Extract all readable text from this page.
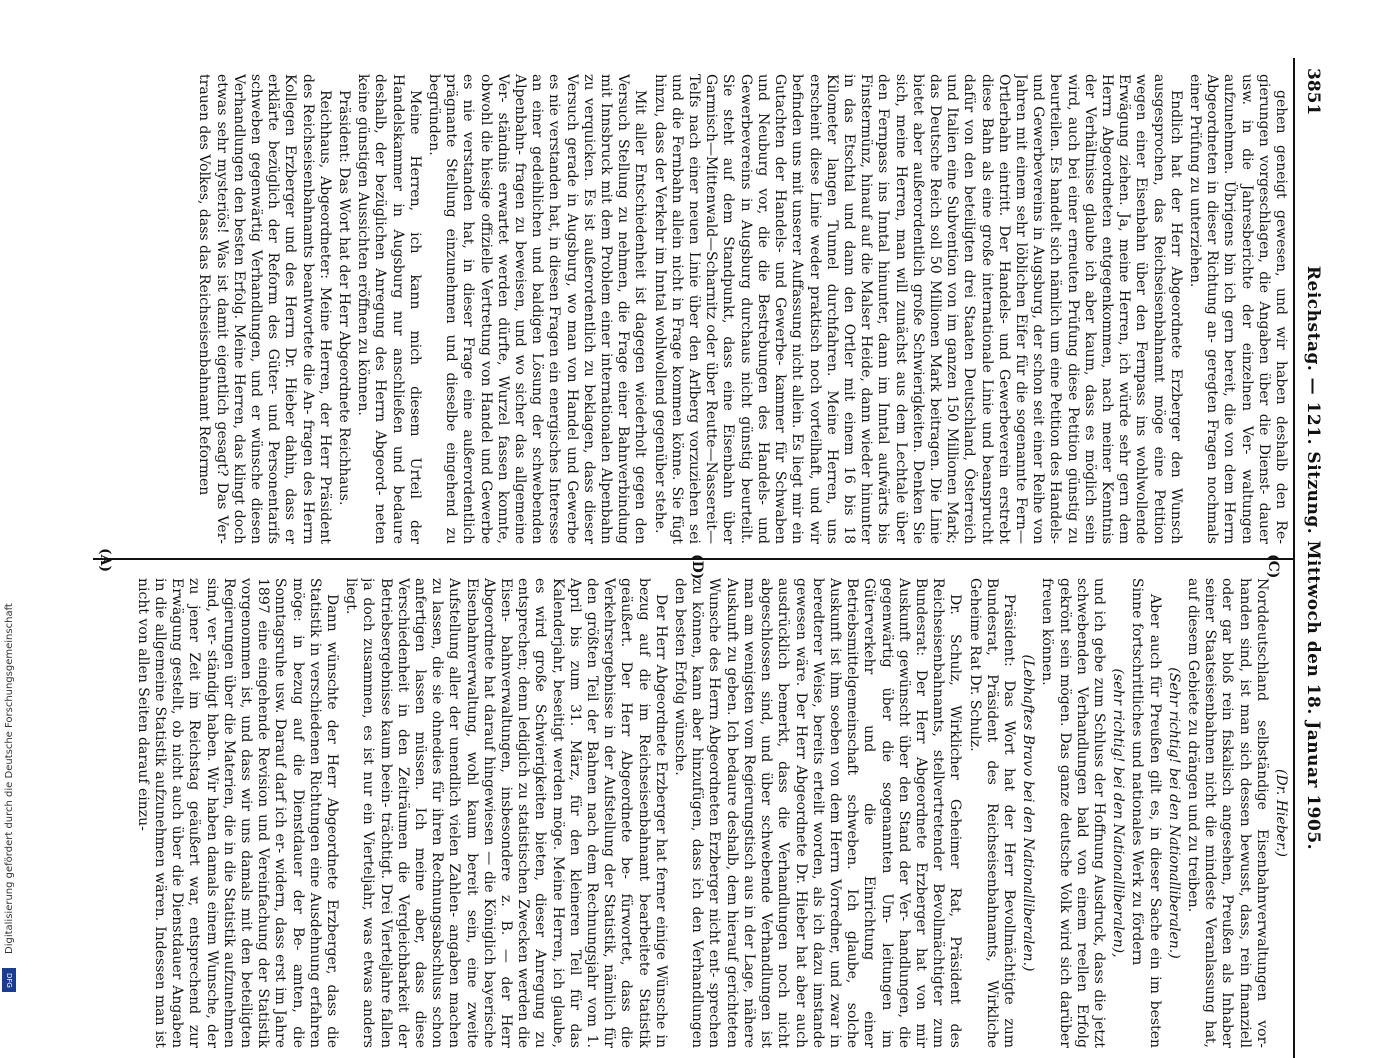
3851
Reichstag. — 121. Sitzung. Mittwoch den 18. Januar 1905.
(C)
(D)
(A)

gehen geneigt gewesen, und wir haben deshalb den Re- gierungen vorgeschlagen, die Angaben über die Dienst- dauer usw. in die Jahresberichte der einzelnen Ver- waltungen aufzunehmen. Übrigens bin ich gern bereit, die von dem Herrn Abgeordneten in dieser Richtung an- geregten Fragen nochmals einer Prüfung zu unterziehen.

Endlich hat der Herr Abgeordnete Erzberger den Wunsch ausgesprochen, das Reichseisenbahnamt möge eine Petition wegen einer Eisenbahn über den Fernpass ins wohlwollende Erwägung ziehen. Ja, meine Herren, ich würde sehr gern dem Herrn Abgeordneten entgegenkommen, nach meiner Kenntnis der Verhältnisse glaube ich aber kaum, dass es möglich sein wird, auch bei einer erneuten Prüfung diese Petition günstig zu beurteilen. Es handelt sich nämlich um eine Petition des Handels- und Gewerbevereins in Augsburg, der schon seit einer Reihe von Jahren mit einem sehr löblichen Eifer für die sogenannte Fern—Ortlerbahn eintritt. Der Handels- und Gewerbeverein erstrebt diese Bahn als eine große internationale Linie und beansprucht dafür von den beteiligten drei Staaten Deutschland, Österreich und Italien eine Subvention von im ganzen 150 Millionen Mark; das Deutsche Reich soll 50 Millionen Mark beitragen. Die Linie bietet aber außerordentlich große Schwierigkeiten. Denken Sie sich, meine Herren, man will zunächst aus dem Lechtale über den Fernpass ins Inntal hinunter, dann im Inntal aufwärts bis Finstermünz, hinauf auf die Malser Heide, dann wieder hinunter in das Etschtal und dann den Ortler mit einem 16 bis 18 Kilometer langen Tunnel durchfahren. Meine Herren, uns erscheint diese Linie weder praktisch noch vorteilhaft, und wir befinden uns mit unserer Auffassung nicht allein. Es liegt mir ein Gutachten der Handels- und Gewerbe- kammer für Schwaben und Neuburg vor, die die Bestrebungen des Handels- und Gewerbevereins in Augsburg durchaus nicht günstig beurteilt. Sie steht auf dem Standpunkt, dass eine Eisenbahn über Garmisch—Mittenwald—Scharnitz oder über Reutte—Nassereit—Telfs nach einer neuen Linie über den Arlberg vorzuziehen sei und die Fernbahn allein nicht in Frage kommen könne. Sie fügt hinzu, dass der Verkehr im Inntal wohlwollend gegenüber stehe.

Mit aller Entschiedenheit ist dagegen wiederholt gegen den Versuch Stellung zu nehmen, die Frage einer Bahnverbindung mit Innsbruck mit dem Problem einer internationalen Alpenbahn zu verquicken. Es ist außerordentlich zu beklagen, dass dieser Versuch gerade in Augsburg, wo man von Handel und Gewerbe es nie verstanden hat, in diesen Fragen ein energisches Interesse an einer gedeihlichen und baldigen Lösung der schwebenden Alpenbahn- fragen zu beweisen, und wo sicher das allgemeine Ver- ständnis erwartet werden dürfte, Wurzel fassen konnte, obwohl die hiesige offizielle Vertretung von Handel und Gewerbe es nie verstanden hat, in dieser Frage eine außerordentlich prägnante Stellung einzunehmen und dieselbe eingehend zu begründen.

Meine Herren, ich kann mich diesem Urteil der Handelskammer in Augsburg nur anschließen und bedaure deshalb, der bezüglichen Anregung des Herrn Abgeord- neten keine günstigen Aussichten eröffnen zu können.

Präsident: Das Wort hat der Herr Abgeordnete Reichhaus.

Reichhaus, Abgeordneter: Meine Herren, der Herr Präsident des Reichseisenbahnamts beantwortete die An- fragen des Herrn Kollegen Erzberger und des Herrn Dr. Hieber dahin, dass er erklärte bezüglich der Reform des Güter- und Personentarifs schweben gegenwärtig Verhandlungen, und er wünsche diesen Verhandlungen den besten Erfolg. Meine Herren, das klingt doch etwas sehr mysteriös! Was ist damit eigentlich gesagt? Das Ver- trauen des Volkes, dass das Reichseisenbahnamt Reformen

(Dr. Hieber.)

Norddeutschland selbständige Eisenbahnverwaltungen vor- handen sind, ist man sich dessen bewusst, dass, rein finanziell oder gar bloß rein fiskalisch angesehen, Preußen als Inhaber seiner Staatseisenbahnen nicht die mindeste Veranlassung hat, auf diesem Gebiete zu drängen und zu treiben.

(Sehr richtig! bei den Nationalliberalen.)

Aber auch für Preußen gilt es, in dieser Sache ein im besten Sinne fortschrittliches und nationales Werk zu fördern

(sehr richtig! bei den Nationalliberalen),

und ich gebe zum Schluss der Hoffnung Ausdruck, dass die jetzt schwebenden Verhandlungen bald von einem reellen Erfolg gekrönt sein mögen. Das ganze deutsche Volk wird sich darüber freuen können.

(Lebhaftes Bravo bei den Nationalliberalen.)

Präsident: Das Wort hat der Herr Bevollmächtigte zum Bundesrat, Präsident des Reichseisenbahnamts, Wirkliche Geheime Rat Dr. Schulz.

Dr. Schulz, Wirklicher Geheimer Rat, Präsident des Reichseisenbahnamts, stellvertretender Bevollmächtigter zum Bundesrat: Der Herr Abgeordnete Erzberger hat von mir Auskunft gewünscht über den Stand der Ver- handlungen, die gegenwärtig über die sogenannten Um- leitungen im Güterverkehr und die Einrichtung einer Betriebsmittelgemeinschaft schweben. Ich glaube, solche Auskunft ist ihm soeben von dem Herrn Vorredner, und zwar in beredterer Weise, bereits erteilt worden, als ich dazu imstande gewesen wäre. Der Herr Abgeordnete Dr. Hieber hat aber auch ausdrücklich bemerkt, dass die Verhandlungen noch nicht abgeschlossen sind, und über schwebende Verhandlungen ist man am wenigsten vom Regierungstisch aus in der Lage, nähere Auskunft zu geben. Ich bedaure deshalb, dem hierauf gerichteten Wunsche des Herrn Abgeordneten Erzberger nicht ent- sprechen zu können, kann aber hinzufügen, dass ich den Verhandlungen den besten Erfolg wünsche.

Der Herr Abgeordnete Erzberger hat ferner einige Wünsche in bezug auf die im Reichseisenbahnamt bearbeitete Statistik geäußert. Der Herr Abgeordnete be- fürwortet, dass die Verkehrsergebnisse in der Aufstellung der Statistik, nämlich für den größten Teil der Bahnen nach dem Rechnungsjahr vom 1. April bis zum 31. März, für den kleineren Teil für das Kalenderjahr, beseitigt werden möge. Meine Herren, ich glaube, es wird große Schwierigkeiten bieten, dieser Anregung zu entsprechen; denn lediglich zu statistischen Zwecken werden die Eisen- bahnverwaltungen, insbesondere z. B. — der Herr Abgeordnete hat darauf hingewiesen — die Königlich bayerische Eisenbahnverwaltung, wohl kaum bereit sein, eine zweite Aufstellung aller der unendlich vielen Zahlen- angaben machen zu lassen, die sie ohnedies für ihren Rechnungsabschluss schon anfertigen lassen müssen. Ich meine aber, dass diese Verschiedenheit in den Zeiträumen die Vergleichbarkeit der Betriebsergebnisse kaum beein- trächtigt. Drei Vierteljahre fallen ja doch zusammen, es ist nur ein Vierteljahr, was etwas anders liegt.

Dann wünschte der Herr Abgeordnete Erzberger, dass die Statistik in verschiedenen Richtungen eine Ausdehnung erfahren möge: in bezug auf die Dienstdauer der Be- amten, die Sonntagsruhe usw. Darauf darf ich er- widern, dass erst im Jahre 1897 eine eingehende Revision und Vereinfachung der Statistik vorgenommen ist, und dass wir uns damals mit den beteiligten Regierungen über die Materien, die in die Statistik aufzunehmen sind, ver- ständigt haben. Wir haben damals einem Wunsche, der zu jener Zeit im Reichstag geäußert war, entsprechend zur Erwägung gestellt, ob nicht auch über die Dienstdauer Angaben in die allgemeine Statistik aufzunehmen wären. Indessen man ist nicht von allen Seiten darauf einzu-

Digitalisierung gefördert durch die Deutsche Forschungsgemeinschaft
DFG
